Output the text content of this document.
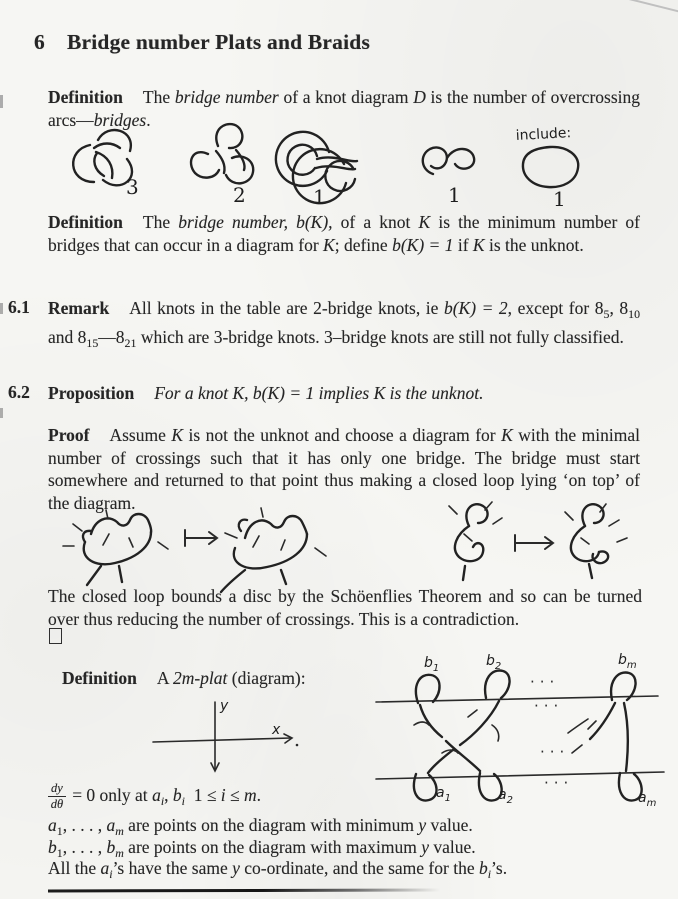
6 Bridge number Plats and Braids
Definition The bridge number of a knot diagram D is the number of overcrossing arcs—bridges.
3	2	1	1
include:
1
Definition The bridge number, b(K), of a knot K is the minimum number of bridges that can occur in a diagram for K; define b(K) = 1 if K is the unknot.
6.1 Remark All knots in the table are 2-bridge knots, ie b(K) = 2, except for $8_5$, $8_{10}$ and $8_{15}—8_{21}$ which are 3-bridge knots. 3–bridge knots are still not fully classified.
6.2 Proposition For a knot K, b(K) = 1 implies K is the unknot.
Proof Assume K is not the unknot and choose a diagram for K with the minimal number of crossings such that it has only one bridge. The bridge must start somewhere and returned to that point thus making a closed loop lying ‘on top’ of the diagram.
The closed loop bounds a disc by the Schöenflies Theorem and so can be turned over thus reducing the number of crossings. This is a contradiction.
Definition A 2m-plat (diagram):
y
x
···
···
···
···
$b_1$	$b_2$	$b_m$
$a_1$	$a_2$	$a_m$
$\frac{dy}{d\theta} = 0$ only at $a_i$, $b_i$  1 ≤ i ≤ m.
$a_1$, . . . , $a_m$ are points on the diagram with minimum y value.
$b_1$, . . . , $b_m$ are points on the diagram with maximum y value.
All the $a_i’s$ have the same y co-ordinate, and the same for the $b_i’s$.
